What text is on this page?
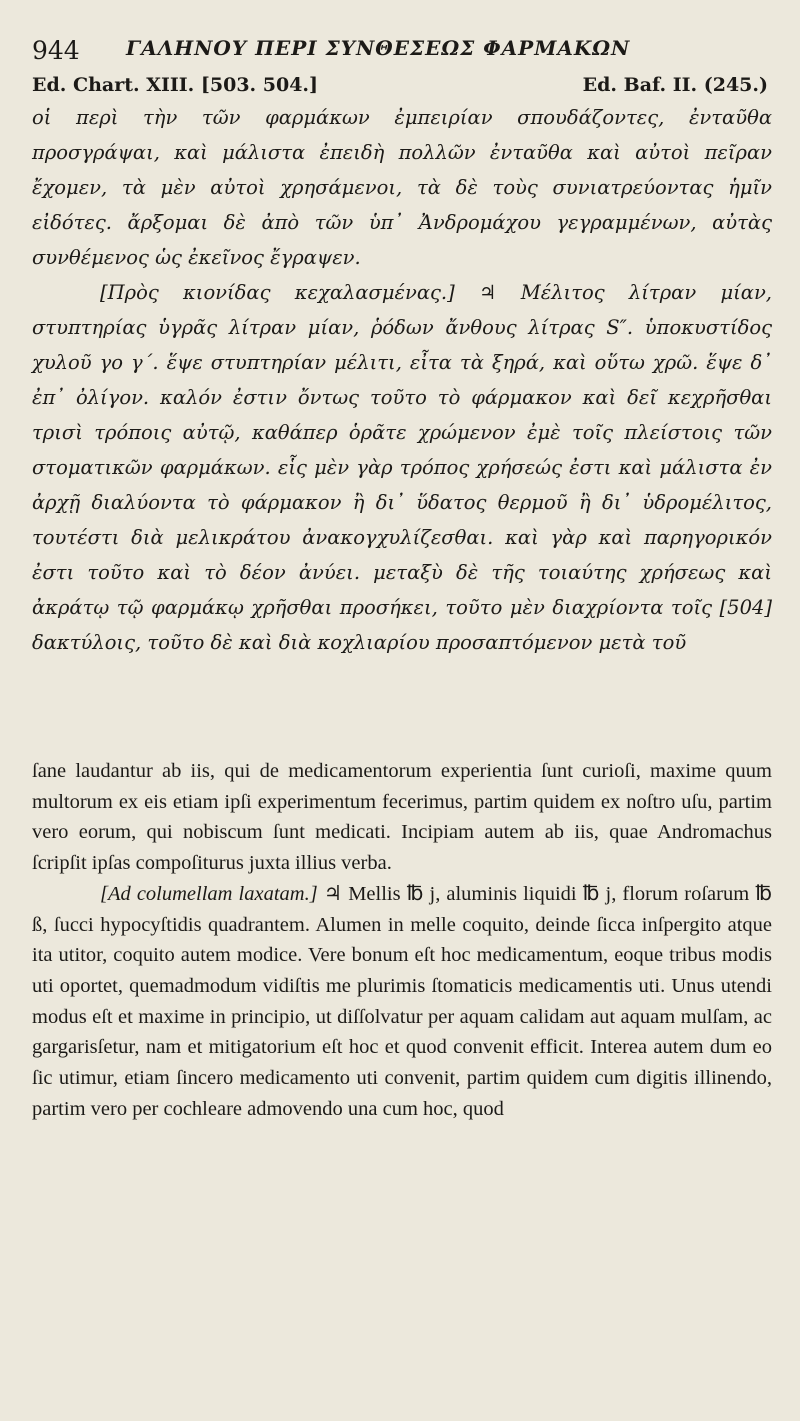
944 ΓΑΛΗΝΟΥ ΠΕΡΙ ΣΥΝΘΕΣΕΩΣ ΦΑΡΜΑΚΩΝ
Ed. Chart. XIII. [503. 504.]	Ed. Baf. II. (245.)

οἱ περὶ τὴν τῶν φαρμάκων ἐμπειρίαν σπουδάζοντες, ἐνταῦθα προσγράψαι, καὶ μάλιστα ἐπειδὴ πολλῶν ἐνταῦθα καὶ αὐτοὶ πεῖραν ἔχομεν, τὰ μὲν αὐτοὶ χρησάμενοι, τὰ δὲ τοὺς συνιατρεύοντας ἡμῖν εἰδότες. ἄρξομαι δὲ ἀπὸ τῶν ὑπ᾽ Ἀνδρομάχου γεγραμμένων, αὐτὰς συνθέμενος ὡς ἐκεῖνος ἔγραψεν.

[Πρὸς κιονίδας κεχαλασμένας.] ♃ Μέλιτος λίτραν μίαν, στυπτηρίας ὑγρᾶς λίτραν μίαν, ῥόδων ἄνθους λίτρας S″. ὑποκυστίδος χυλοῦ γο γ΄. ἕψε στυπτηρίαν μέλιτι, εἶτα τὰ ξηρά, καὶ οὕτω χρῶ. ἕψε δ᾽ ἐπ᾽ ὀλίγον. καλόν ἐστιν ὄντως τοῦτο τὸ φάρμακον καὶ δεῖ κεχρῆσθαι τρισὶ τρόποις αὐτῷ, καθάπερ ὁρᾶτε χρώμενον ἐμὲ τοῖς πλείστοις τῶν στοματικῶν φαρμάκων. εἷς μὲν γὰρ τρόπος χρήσεώς ἐστι καὶ μάλιστα ἐν ἀρχῇ διαλύοντα τὸ φάρμακον ἢ δι᾽ ὕδατος θερμοῦ ἢ δι᾽ ὑδρομέλιτος, τουτέστι διὰ μελικράτου ἀνακογχυλίζεσθαι. καὶ γὰρ καὶ παρηγορικόν ἐστι τοῦτο καὶ τὸ δέον ἀνύει. μεταξὺ δὲ τῆς τοιαύτης χρήσεως καὶ ἀκράτῳ τῷ φαρμάκῳ χρῆσθαι προσήκει, τοῦτο μὲν διαχρίοντα τοῖς [504] δακτύλοις, τοῦτο δὲ καὶ διὰ κοχλιαρίου προσαπτόμενον μετὰ τοῦ

ſane laudantur ab iis, qui de medicamentorum experientia ſunt curioſi, maxime quum multorum ex eis etiam ipſi experimentum fecerimus, partim quidem ex noſtro uſu, partim vero eorum, qui nobiscum ſunt medicati. Incipiam autem ab iis, quae Andromachus ſcripſit ipſas compoſiturus juxta illius verba.

[Ad columellam laxatam.] ♃ Mellis ℔ j, aluminis liquidi ℔ j, florum roſarum ℔ ß, ſucci hypocyſtidis quadrantem. Alumen in melle coquito, deinde ſicca inſpergito atque ita utitor, coquito autem modice. Vere bonum eſt hoc medicamentum, eoque tribus modis uti oportet, quemadmodum vidiſtis me plurimis ſtomaticis medicamentis uti. Unus utendi modus eſt et maxime in principio, ut diſſolvatur per aquam calidam aut aquam mulſam, ac gargarisſetur, nam et mitigatorium eſt hoc et quod convenit efficit. Interea autem dum eo ſic utimur, etiam ſincero medicamento uti convenit, partim quidem cum digitis illinendo, partim vero per cochleare admovendo una cum hoc, quod
